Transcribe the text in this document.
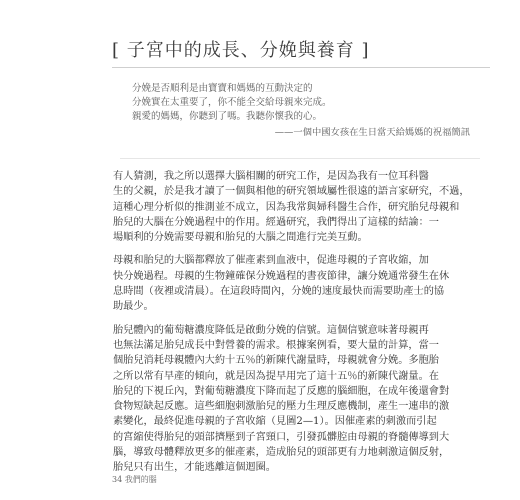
[ 子宮中的成長、分娩與養育 ]
分娩是否順利是由寶寶和媽媽的互動決定的
分娩實在太重要了，你不能全交給母親來完成。
親愛的媽媽，你聽到了嗎。我聽你懷我的心。
——一個中國女孩在生日當天給媽媽的祝福簡訊
有人猜測，我之所以選擇大腦相關的研究工作，是因為我有一位耳科醫
生的父親，於是我才讀了一個與相他的研究領域屬性很遠的語言家研究，不過，
這種心理分析似的推測並不成立，因為我常與婦科醫生合作，研究胎兒母親和
胎兒的大腦在分娩過程中的作用。經過研究，我們得出了這樣的結論：一
場順利的分娩需要母親和胎兒的大腦之間進行完美互動。
母親和胎兒的大腦都釋放了催產素到血液中，促進母親的子宮收縮，加
快分娩過程。母親的生物鐘確保分娩過程的書夜節律，讓分娩通常發生在休
息時間（夜裡或清晨）。在這段時間內，分娩的速度最快而需要助產士的協
助最少。
胎兒體內的葡萄糖濃度降低是啟動分娩的信號。這個信號意味著母親再
也無法滿足胎兒成長中對營養的需求。根據案例看，要大量的計算，當一
個胎兒消耗母親體內大約十五％的新陳代謝量時，母親就會分娩。多胞胎
之所以常有早產的傾向，就是因為提早用完了這十五％的新陳代謝量。在
胎兒的下視丘內，對葡萄糖濃度下降而起了反應的腦細胞，在成年後還會對
食物短缺起反應。這些細胞刺激胎兒的壓力生理反應機制，產生一連串的激
素變化，最終促進母親的子宮收縮（見圖2—1）。因催產素的刺激而引起
的宮縮使得胎兒的頭部擠壓到子宮頸口，引發孤髒腔由母親的脊髓傳導到大
腦，導致母體釋放更多的催產素，造成胎兒的頭部更有力地刺激這個反射，
胎兒只有出生，才能逃離這個迴圈。
34 我們的腦
